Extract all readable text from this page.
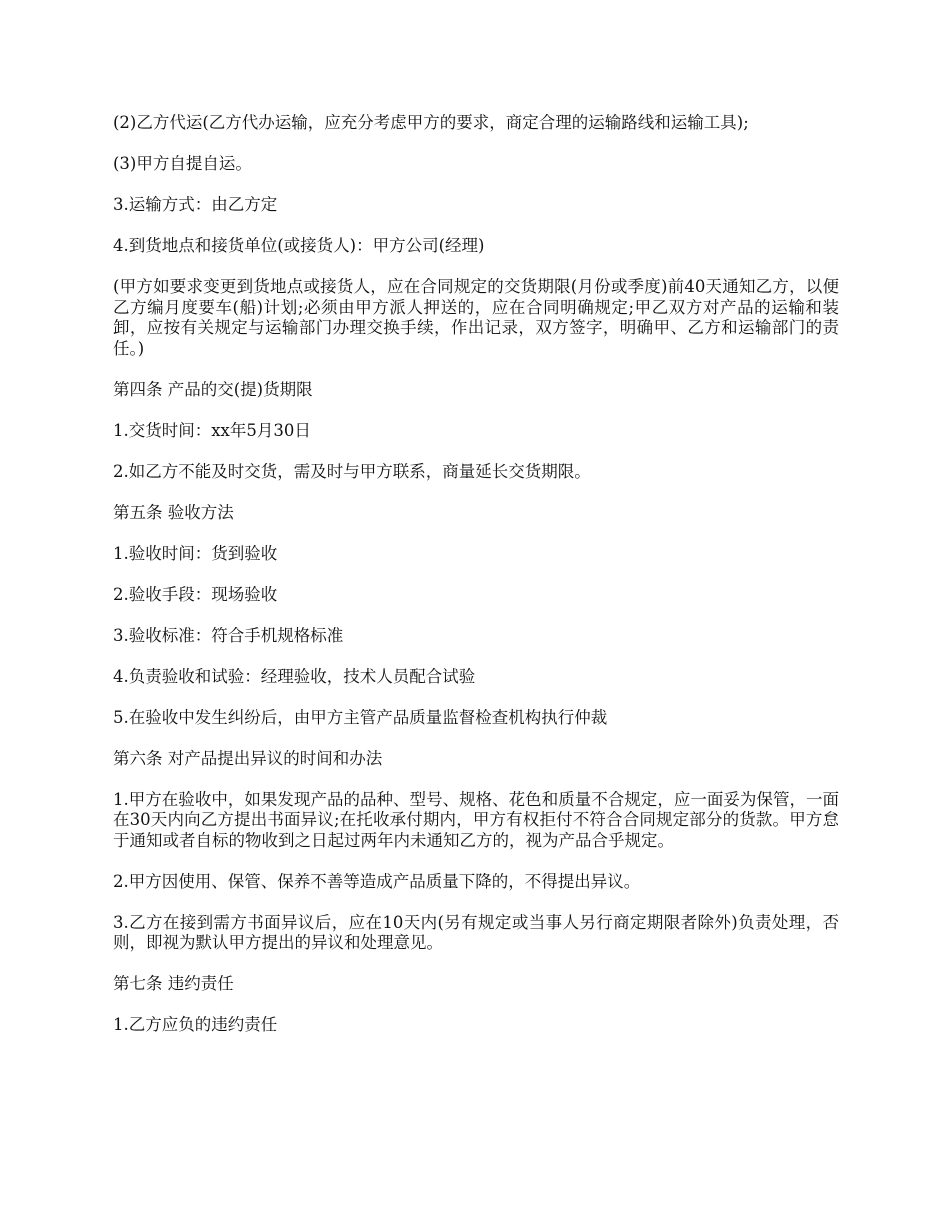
(2)乙方代运(乙方代办运输，应充分考虑甲方的要求，商定合理的运输路线和运输工具);

(3)甲方自提自运。

3.运输方式：由乙方定

4.到货地点和接货单位(或接货人)：甲方公司(经理)

(甲方如要求变更到货地点或接货人，应在合同规定的交货期限(月份或季度)前40天通知乙方，以便乙方编月度要车(船)计划;必须由甲方派人押送的，应在合同明确规定;甲乙双方对产品的运输和装卸，应按有关规定与运输部门办理交换手续，作出记录，双方签字，明确甲、乙方和运输部门的责任。)

第四条 产品的交(提)货期限

1.交货时间：xx年5月30日

2.如乙方不能及时交货，需及时与甲方联系，商量延长交货期限。

第五条 验收方法

1.验收时间：货到验收

2.验收手段：现场验收

3.验收标准：符合手机规格标准

4.负责验收和试验：经理验收，技术人员配合试验

5.在验收中发生纠纷后，由甲方主管产品质量监督检查机构执行仲裁

第六条 对产品提出异议的时间和办法

1.甲方在验收中，如果发现产品的品种、型号、规格、花色和质量不合规定，应一面妥为保管，一面在30天内向乙方提出书面异议;在托收承付期内，甲方有权拒付不符合合同规定部分的货款。甲方怠于通知或者自标的物收到之日起过两年内未通知乙方的，视为产品合乎规定。

2.甲方因使用、保管、保养不善等造成产品质量下降的，不得提出异议。

3.乙方在接到需方书面异议后，应在10天内(另有规定或当事人另行商定期限者除外)负责处理，否则，即视为默认甲方提出的异议和处理意见。

第七条 违约责任

1.乙方应负的违约责任
